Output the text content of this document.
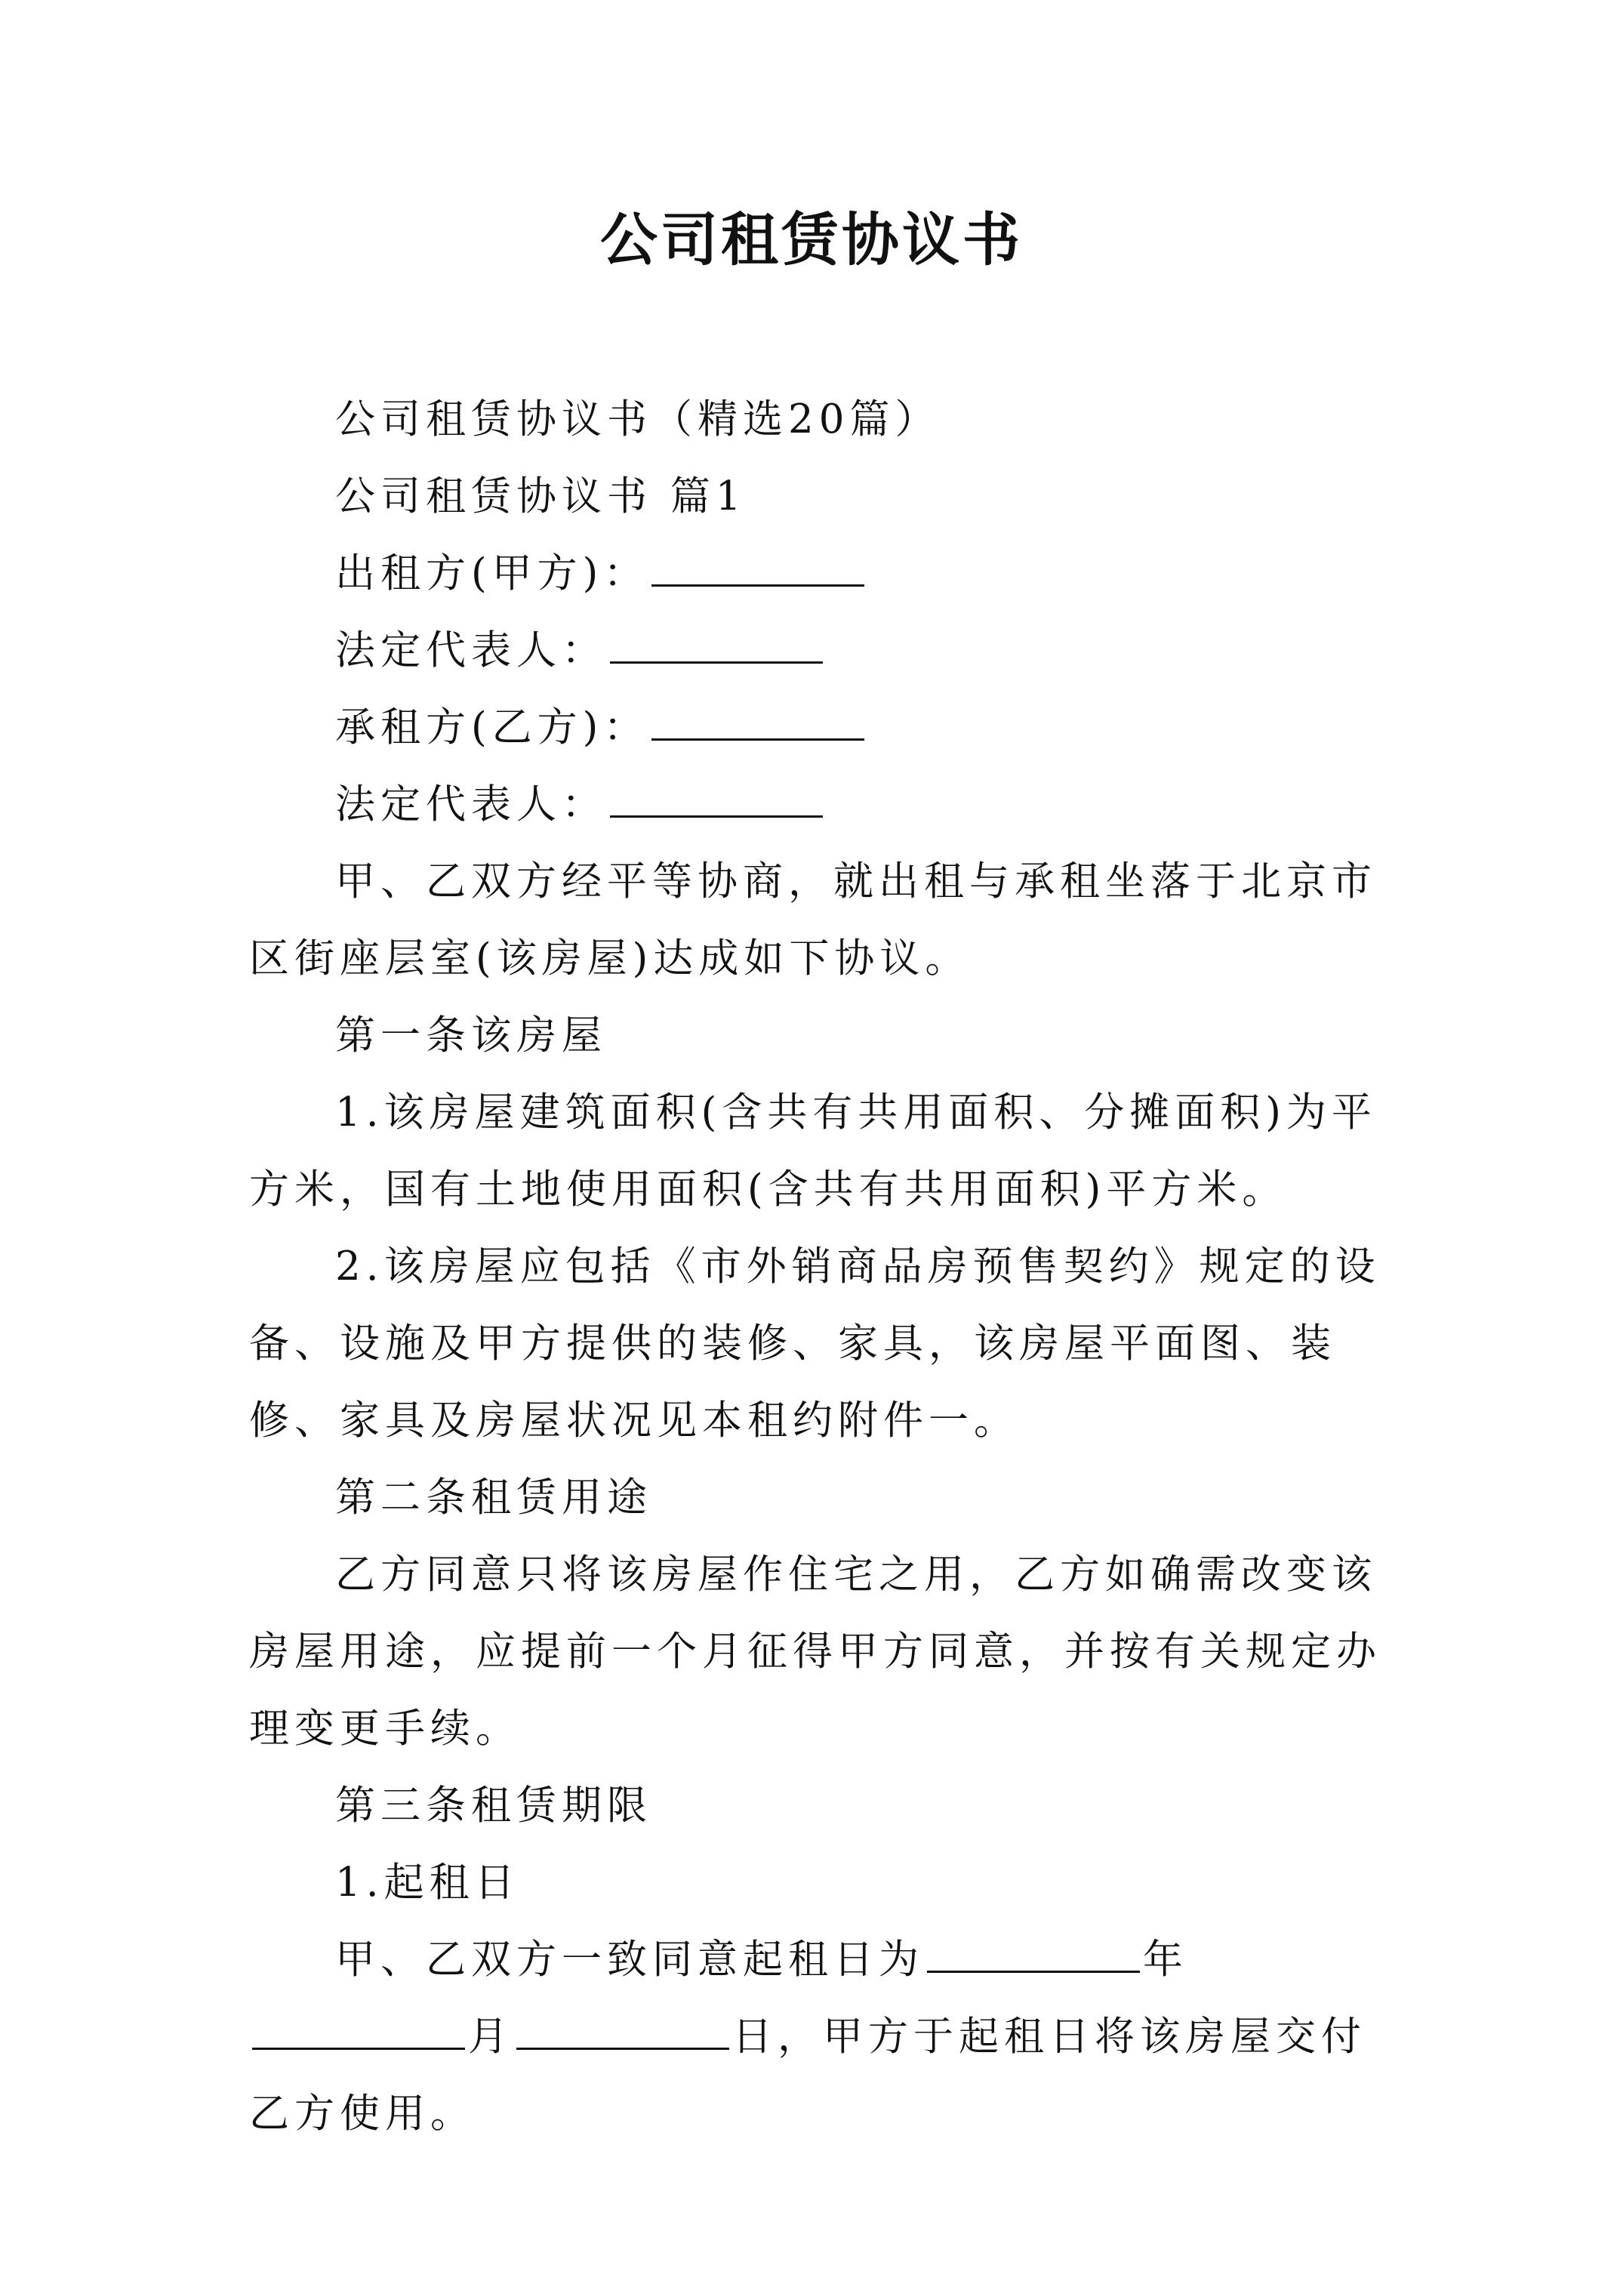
公司租赁协议书

公司租赁协议书（精选20篇）

公司租赁协议书 篇1

出租方(甲方)：

法定代表人：

承租方(乙方)：

法定代表人：

甲、乙双方经平等协商，就出租与承租坐落于北京市区街座层室(该房屋)达成如下协议。

第一条该房屋

1.该房屋建筑面积(含共有共用面积、分摊面积)为平方米，国有土地使用面积(含共有共用面积)平方米。

2.该房屋应包括《市外销商品房预售契约》规定的设备、设施及甲方提供的装修、家具，该房屋平面图、装修、家具及房屋状况见本租约附件一。

第二条租赁用途

乙方同意只将该房屋作住宅之用，乙方如确需改变该房屋用途，应提前一个月征得甲方同意，并按有关规定办理变更手续。

第三条租赁期限

1.起租日

甲、乙双方一致同意起租日为	年月	日，甲方于起租日将该房屋交付乙方使用。
